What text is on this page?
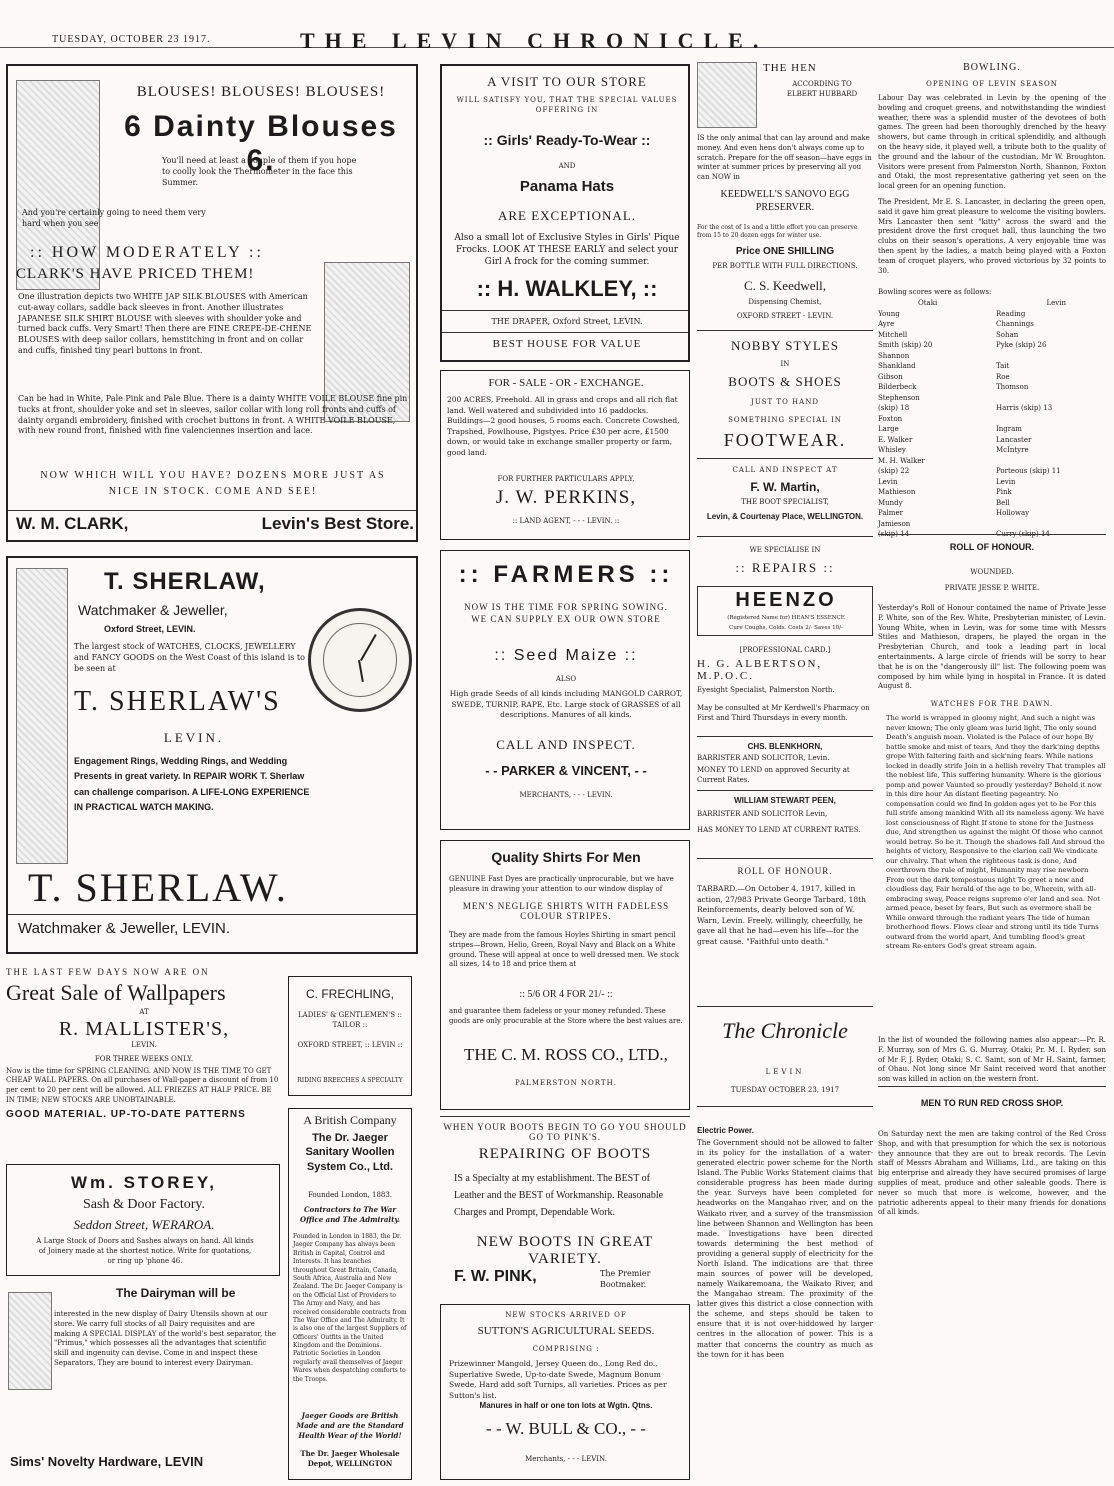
TUESDAY, OCTOBER 23 1917.	THE LEVIN CHRONICLE.
BLOUSES! BLOUSES! BLOUSES!
6 Dainty Blouses 6.
You'll need at least a couple of them if you hope to coolly look the Thermometer in the face this Summer.
And you're certainly going to need them very hard when you see
:: HOW MODERATELY ::
CLARK'S HAVE PRICED THEM!
One illustration depicts two WHITE JAP SILK BLOUSES with American cut-away collars, saddle back sleeves in front. Another illustrates JAPANESE SILK SHIRT BLOUSE with sleeves with shoulder yoke and turned back cuffs. Very Smart! Then there are FINE CREPE-DE-CHENE BLOUSES with deep sailor collars, hemstitching in front and on collar and cuffs, finished tiny pearl buttons in front.
Can be had in White, Pale Pink and Pale Blue. There is a dainty WHITE VOILE BLOUSE fine pin tucks at front, shoulder yoke and set in sleeves, sailor collar with long roll fronts and cuffs of dainty organdi embroidery, finished with crochet buttons in front. A WHITE VOILE BLOUSE, with new round front, finished with fine valenciennes insertion and lace.
NOW WHICH WILL YOU HAVE? DOZENS MORE JUST AS NICE IN STOCK. COME AND SEE!
W. M. CLARK,	Levin's Best Store.
T. SHERLAW,
Watchmaker & Jeweller,
Oxford Street, LEVIN.
The largest stock of WATCHES, CLOCKS, JEWELLERY and FANCY GOODS on the West Coast of this island is to be seen at
T. SHERLAW'S
LEVIN.
Engagement Rings, Wedding Rings, and Wedding Presents in great variety. In REPAIR WORK T. Sherlaw can challenge comparison. A LIFE-LONG EXPERIENCE IN PRACTICAL WATCH MAKING.
T. SHERLAW.
Watchmaker & Jeweller, LEVIN.
THE LAST FEW DAYS NOW ARE ON
Great Sale of Wallpapers
AT
R. MALLISTER'S,
LEVIN.
FOR THREE WEEKS ONLY.
Now is the time for SPRING CLEANING. AND NOW IS THE TIME TO GET CHEAP WALL PAPERS. On all purchases of Wall-paper a discount of from 10 per cent to 20 per cent will be allowed. ALL FRIEZES AT HALF PRICE. BE IN TIME; NEW STOCKS ARE UNOBTAINABLE.
GOOD MATERIAL. UP-TO-DATE PATTERNS
C. FRECHLING,
LADIES' & GENTLEMEN'S :: TAILOR ::
OXFORD STREET, :: LEVIN ::
RIDING BREECHES A SPECIALTY
Wm. STOREY,
Sash & Door Factory.
Seddon Street, WERAROA.
A Large Stock of Doors and Sashes always on hand. All kinds of Joinery made at the shortest notice. Write for quotations, or ring up 'phone 46.
The Dairyman will be
interested in the new display of Dairy Utensils shown at our store. We carry full stocks of all Dairy requisites and are making A SPECIAL DISPLAY of the world's best separator, the "Primus," which possesses all the advantages that scientific skill and ingenuity can devise. Come in and inspect these Separators. They are bound to interest every Dairyman.
Sims' Novelty Hardware, LEVIN
A British Company
The Dr. Jaeger Sanitary Woollen System Co., Ltd.
Founded London, 1883.
Contractors to The War Office and The Admiralty.
Founded in London in 1883, the Dr. Jaeger Company has always been British in Capital, Control and Interests. It has branches throughout Great Britain, Canada, South Africa, Australia and New Zealand. The Dr. Jaeger Company is on the Official List of Providers to The Army and Navy, and has received considerable contracts from The War Office and The Admiralty. It is also one of the largest Suppliers of Officers' Outfits in the United Kingdom and the Dominions. Patriotic Societies in London regularly avail themselves of Jaeger Wares when despatching comforts to the Troops.
Jaeger Goods are British Made and are the Standard Health Wear of the World!
The Dr. Jaeger Wholesale Depot, WELLINGTON
A VISIT TO OUR STORE
WILL SATISFY YOU, THAT THE SPECIAL VALUES OFFERING IN
:: Girls' Ready-To-Wear ::
AND
Panama Hats
ARE EXCEPTIONAL.
Also a small lot of Exclusive Styles in Girls' Pique Frocks. LOOK AT THESE EARLY and select your Girl A frock for the coming summer.
:: H. WALKLEY, ::
THE DRAPER, Oxford Street, LEVIN.
BEST HOUSE FOR VALUE
FOR - SALE - OR - EXCHANGE.
200 ACRES, Freehold. All in grass and crops and all rich flat land. Well watered and subdivided into 16 paddocks. Buildings—2 good houses, 5 rooms each. Concrete Cowshed, Trapshed, Fowlhouse, Pigstyes. Price £30 per acre, £1500 down, or would take in exchange smaller property or farm, good land.
FOR FURTHER PARTICULARS APPLY,
J. W. PERKINS,
:: LAND AGENT, - - - LEVIN. ::
:: FARMERS ::
NOW IS THE TIME FOR SPRING SOWING. WE CAN SUPPLY EX OUR OWN STORE
:: Seed Maize ::
ALSO
High grade Seeds of all kinds including MANGOLD CARROT, SWEDE, TURNIP, RAPE, Etc. Large stock of GRASSES of all descriptions. Manures of all kinds.
CALL AND INSPECT.
- - PARKER & VINCENT, - -
MERCHANTS, - - - LEVIN.
Quality Shirts For Men
GENUINE Fast Dyes are practically unprocurable, but we have pleasure in drawing your attention to our window display of
MEN'S NEGLIGE SHIRTS WITH FADELESS COLOUR STRIPES.
They are made from the famous Hoyles Shirting in smart pencil stripes—Brown, Helio, Green, Royal Navy and Black on a White ground. These will appeal at once to well dressed men. We stock all sizes, 14 to 18 and price them at
:: 5/6 OR 4 FOR 21/- ::
and guarantee them fadeless or your money refunded. These goods are only procurable at the Store where the best values are.
THE C. M. ROSS CO., LTD.,
PALMERSTON NORTH.
WHEN YOUR BOOTS BEGIN TO GO YOU SHOULD GO TO PINK'S.
REPAIRING OF BOOTS
IS a Specialty at my establishment. The BEST of Leather and the BEST of Workmanship. Reasonable Charges and Prompt, Dependable Work.
NEW BOOTS IN GREAT VARIETY.
F. W. PINK,	The Premier Bootmaker.
NEW STOCKS ARRIVED OF
SUTTON'S AGRICULTURAL SEEDS.
COMPRISING :
Prizewinner Mangold, Jersey Queen do., Long Red do., Superlative Swede, Up-to-date Swede, Magnum Bonum Swede, Hard add soft Turnips, all varieties. Prices as per Sutton's list.
Manures in half or one ton lots at Wgtn. Qtns.
- - W. BULL & CO., - -
Merchants, - - - LEVIN.
THE HEN
ACCORDING TO ELBERT HUBBARD
IS the only animal that can lay around and make money. And even hens don't always come up to scratch. Prepare for the off season—have eggs in winter at summer prices by preserving all you can NOW in
KEEDWELL'S SANOVO EGG PRESERVER.
For the cost of 1s and a little effort you can preserve from 15 to 20 dozen eggs for winter use.
Price ONE SHILLING
PER BOTTLE WITH FULL DIRECTIONS.
C. S. Keedwell,
Dispensing Chemist,
OXFORD STREET - LEVIN.
NOBBY STYLES
IN
BOOTS & SHOES
JUST TO HAND
SOMETHING SPECIAL IN
FOOTWEAR.
CALL AND INSPECT AT
F. W. Martin,
THE BOOT SPECIALIST,
Levin, & Courtenay Place, WELLINGTON.
WE SPECIALISE IN
:: REPAIRS ::
HEENZO
(Registered Name for) HEAN'S ESSENCE
Cure Coughs, Colds. Costs 2/- Saves 10/-
[PROFESSIONAL CARD.]
H. G. ALBERTSON, M.P.O.C.
Eyesight Specialist, Palmerston North.
May be consulted at Mr Kerdwell's Pharmacy on First and Third Thursdays in every month.
CHS. BLENKHORN,
BARRISTER AND SOLICITOR, Levin.
MONEY TO LEND on approved Security at Current Rates.
WILLIAM STEWART PEEN,
BARRISTER AND SOLICITOR Levin,
HAS MONEY TO LEND AT CURRENT RATES.
ROLL OF HONOUR.
TARBARD.—On October 4, 1917, killed in action, 27/983 Private George Tarbard, 18th Reinforcements, dearly beloved son of W. Warn, Levin. Freely, willingly, cheerfully, he gave all that he had—even his life—for the great cause. "Faithful unto death."
The Chronicle
LEVIN
TUESDAY OCTOBER 23, 1917
Electric Power.
The Government should not be allowed to falter in its policy for the installation of a water-generated electric power scheme for the North Island. The Public Works Statement claims that considerable progress has been made during the year. Surveys have been completed for headworks on the Mangahao river, and on the Waikato river, and a survey of the transmission line between Shannon and Wellington has been made. Investigations have been directed towards determining the best method of providing a general supply of electricity for the North Island. The indications are that three main sources of power will be developed, namely Waikaremoana, the Waikato River, and the Mangahao stream. The proximity of the latter gives this district a close connection with the scheme, and steps should be taken to ensure that it is not over-hiddowed by larger centres in the allocation of power. This is a matter that concerns the country as much as the town for it has been
BOWLING.
OPENING OF LEVIN SEASON
Labour Day was celebrated in Levin by the opening of the bowling and croquet greens, and notwithstanding the windiest weather, there was a splendid muster of the devotees of both games. The green had been thoroughly drenched by the heavy showers, but came through in critical splendidly, and although on the heavy side, it played well, a tribute both to the quality of the ground and the labour of the custodian, Mr W. Broughton. Visitors were present from Palmerston North, Shannon, Foxton and Otaki, the most representative gathering yet seen on the local green for an opening function.
The President, Mr E. S. Lancaster, in declaring the green open, said it gave him great pleasure to welcome the visiting bowlers. Mrs Lancaster then sent "kitty" across the sward and the president drove the first croquet ball, thus launching the two clubs on their season's operations. A very enjoyable time was then spent by the ladies, a match being played with a Foxton team of croquet players, who proved victorious by 32 points to 30.
Bowling scores were as follows:
Otaki	Levin
Young	Reading
Ayre	Channings
Mitchell	Sohan
Smith (skip) 20	Pyke (skip) 26
Shannon
Shankland	Tait
Gibson	Roe
Bilderbeck	Thomson
Stephenson
(skip) 18	Harris (skip) 13
Foxton
Large	Ingram
E. Walker	Lancaster
Whisley	McIntyre
M. H. Walker
(skip) 22	Porteous (skip) 11
Levin	Levin
Mathieson	Pink
Mundy	Bell
Palmer	Holloway
Jamieson
(skip) 14	Curry (skip) 14
ROLL OF HONOUR.
WOUNDED.
PRIVATE JESSE P. WHITE.
Yesterday's Roll of Honour contained the name of Private Jesse P. White, son of the Rev. White, Presbyterian minister, of Levin. Young White, when in Levin, was for some time with Messrs Stiles and Mathieson, drapers, he played the organ in the Presbyterian Church, and took a leading part in local entertainments. A large circle of friends will be sorry to hear that he is on the "dangerously ill" list. The following poem was composed by him while lying in hospital in France. It is dated August 8.
WATCHES FOR THE DAWN.
The world is wrapped in gloomy night, And such a night was never known; The only gleam was lurid light, The only sound Death's anguish moan. Violated is the Palace of our hope By battle smoke and mist of tears, And they the dark'ning depths grope With faltering faith and sick'ning fears. While nations locked in deadly strife Join in a hellish revelry That tramples all the noblest life, This suffering humanity. Where is the glorious pomp and power Vaunted so proudly yesterday? Behold it now in this dire hour An distant fleeting pageantry. No compensation could we find In golden ages yet to be For this full strife among mankind With all its nameless agony. We have lost consciousness of Right If stone to stone for the Justness due, And strengthen us against the might Of those who cannot would betray. So be it. Though the shadows fall And shroud the heights of victory, Responsive to the clarion call We vindicate our chivalry. That when the righteous task is done, And overthrown the rule of might, Humanity may rise newborn From out the dark tempestuous night To greet a new and cloudless day, Fair herald of the age to be, Wherein, with all-embracing sway, Peace reigns supreme o'er land and sea. Not armed peace, beset by fears, But such as evermore shall be While onward through the radiant years The tide of human brotherhood flows. Flows clear and strong until its tide Turns outward from the world apart, And tumbling flood's great stream Re-enters God's great stream again.
In the list of wounded the following names also appear:—Pr. R. F. Murray, son of Mrs G. G. Murray, Otaki; Pr. M. I. Ryder, son of Mr F. J. Ryder, Otaki; S. C. Saint, son of Mr H. Saint, farmer, of Ohau. Not long since Mr Saint received word that another son was killed in action on the western front.
MEN TO RUN RED CROSS SHOP.
On Saturday next the men are taking control of the Red Cross Shop, and with that presumption for which the sex is notorious they announce that they are out to break records. The Levin staff of Messrs Abraham and Williams, Ltd., are taking on this big enterprise and already they have secured promises of large supplies of meat, produce and other saleable goods. There is never so much that more is welcome, however, and the patriotic adherents appeal to their many friends for donations of all kinds.
